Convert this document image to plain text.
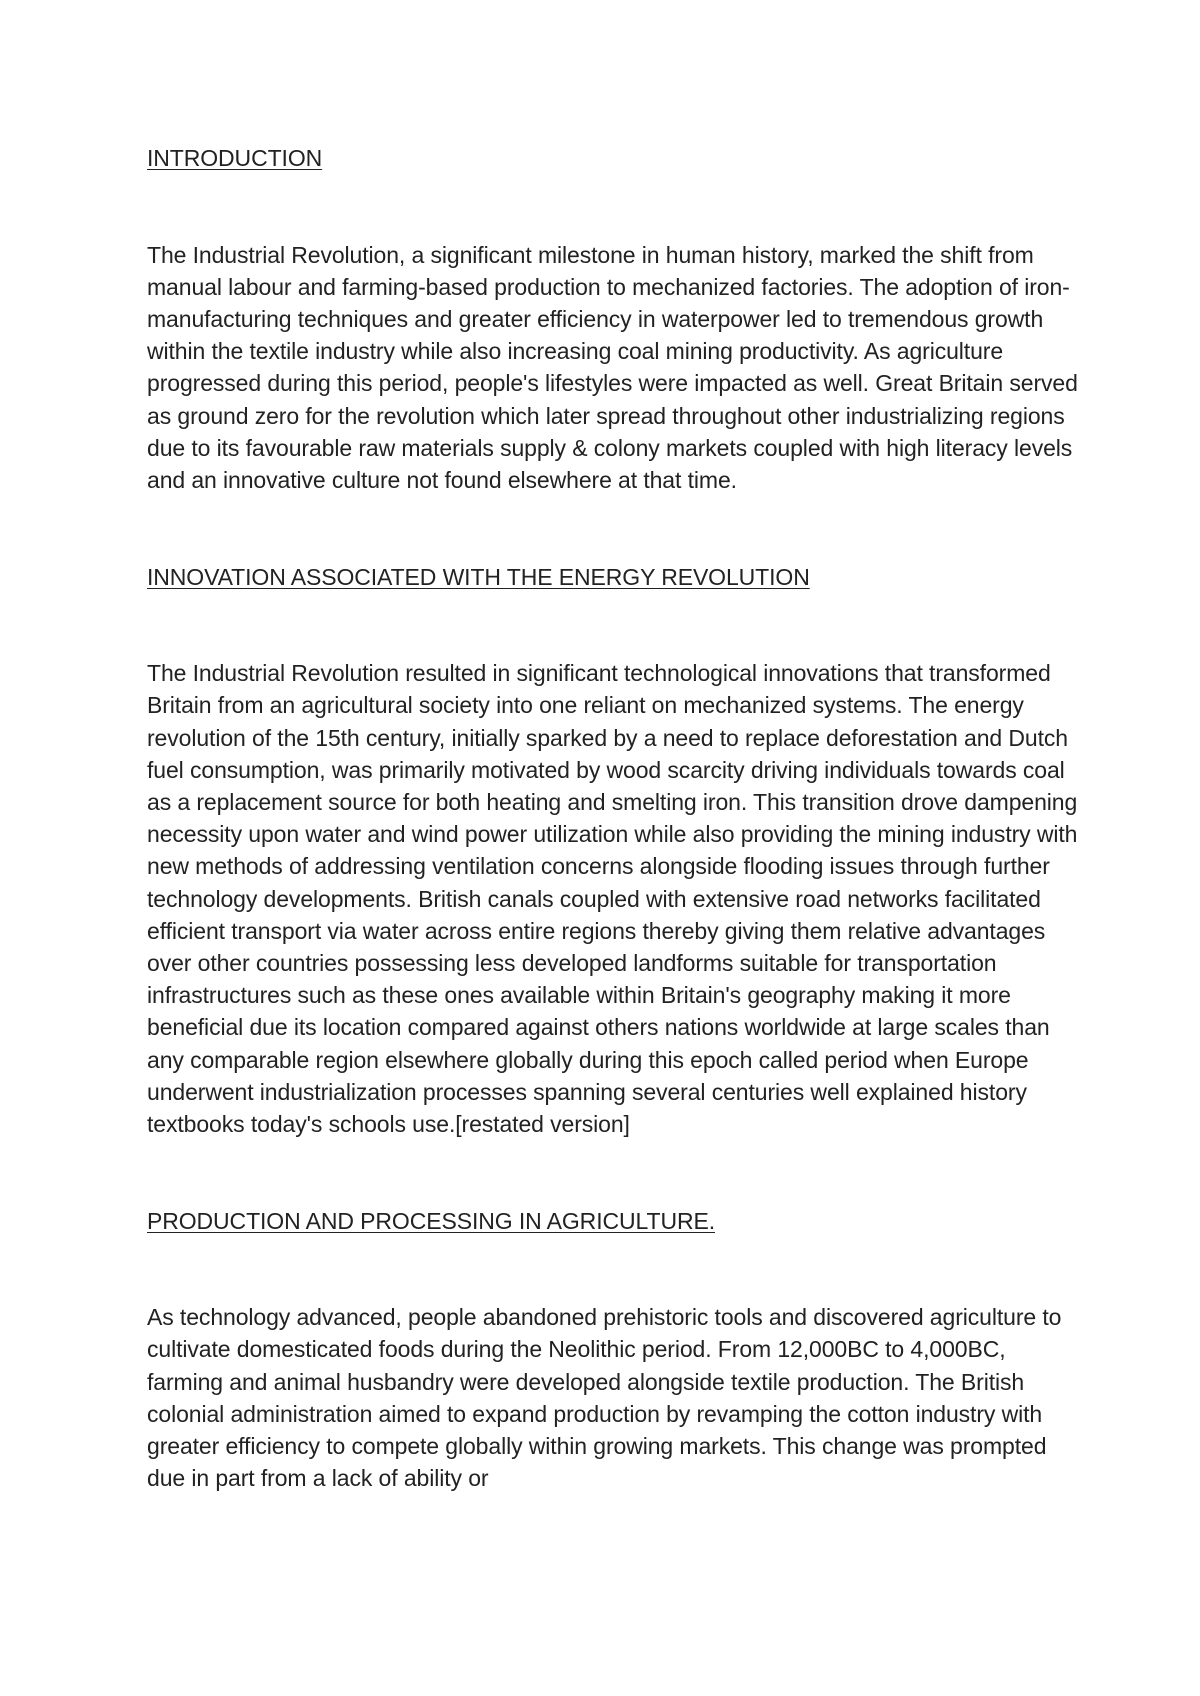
INTRODUCTION

The Industrial Revolution, a significant milestone in human history, marked the shift from manual labour and farming-based production to mechanized factories. The adoption of iron-manufacturing techniques and greater efficiency in waterpower led to tremendous growth within the textile industry while also increasing coal mining productivity. As agriculture progressed during this period, people's lifestyles were impacted as well. Great Britain served as ground zero for the revolution which later spread throughout other industrializing regions due to its favourable raw materials supply & colony markets coupled with high literacy levels and an innovative culture not found elsewhere at that time.

INNOVATION ASSOCIATED WITH THE ENERGY REVOLUTION

The Industrial Revolution resulted in significant technological innovations that transformed Britain from an agricultural society into one reliant on mechanized systems. The energy revolution of the 15th century, initially sparked by a need to replace deforestation and Dutch fuel consumption, was primarily motivated by wood scarcity driving individuals towards coal as a replacement source for both heating and smelting iron. This transition drove dampening necessity upon water and wind power utilization while also providing the mining industry with new methods of addressing ventilation concerns alongside flooding issues through further technology developments. British canals coupled with extensive road networks facilitated efficient transport via water across entire regions thereby giving them relative advantages over other countries possessing less developed landforms suitable for transportation infrastructures such as these ones available within Britain's geography making it more beneficial due its location compared against others nations worldwide at large scales than any comparable region elsewhere globally during this epoch called period when Europe underwent industrialization processes spanning several centuries well explained history textbooks today's schools use.[restated version]

PRODUCTION AND PROCESSING IN AGRICULTURE.

As technology advanced, people abandoned prehistoric tools and discovered agriculture to cultivate domesticated foods during the Neolithic period. From 12,000BC to 4,000BC, farming and animal husbandry were developed alongside textile production. The British colonial administration aimed to expand production by revamping the cotton industry with greater efficiency to compete globally within growing markets. This change was prompted due in part from a lack of ability or
